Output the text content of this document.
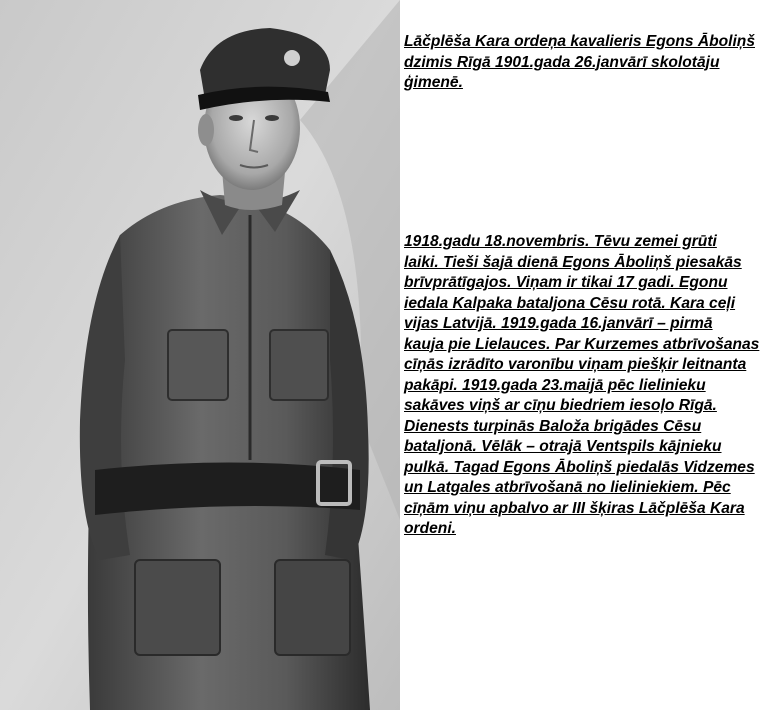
Lāčplēša Kara ordeņa kavalieris Egons Āboliņš
dzimis Rīgā 1901.gada 26.janvārī skolotāju
ģimenē.

1918.gadu 18.novembris. Tēvu zemei grūti
laiki. Tieši šajā dienā Egons Āboliņš piesakās
brīvprātīgajos. Viņam ir tikai 17 gadi. Egonu
iedala Kalpaka bataljona Cēsu rotā. Kara ceļi
vijas Latvijā. 1919.gada 16.janvārī – pirmā
kauja pie Lielauces. Par Kurzemes atbrīvošanas
cīņās izrādīto varonību viņam piešķir leitnanta
pakāpi. 1919.gada 23.maijā pēc lielinieku
sakāves viņš ar cīņu biedriem iesoļo Rīgā.
Dienests turpinās Baloža brigādes Cēsu
bataljonā. Vēlāk – otrajā Ventspils kājnieku
pulkā. Tagad Egons Āboliņš piedalās Vidzemes
un Latgales atbrīvošanā no lieliniekiem. Pēc
cīņām viņu apbalvo ar III šķiras Lāčplēša Kara
ordeni.
